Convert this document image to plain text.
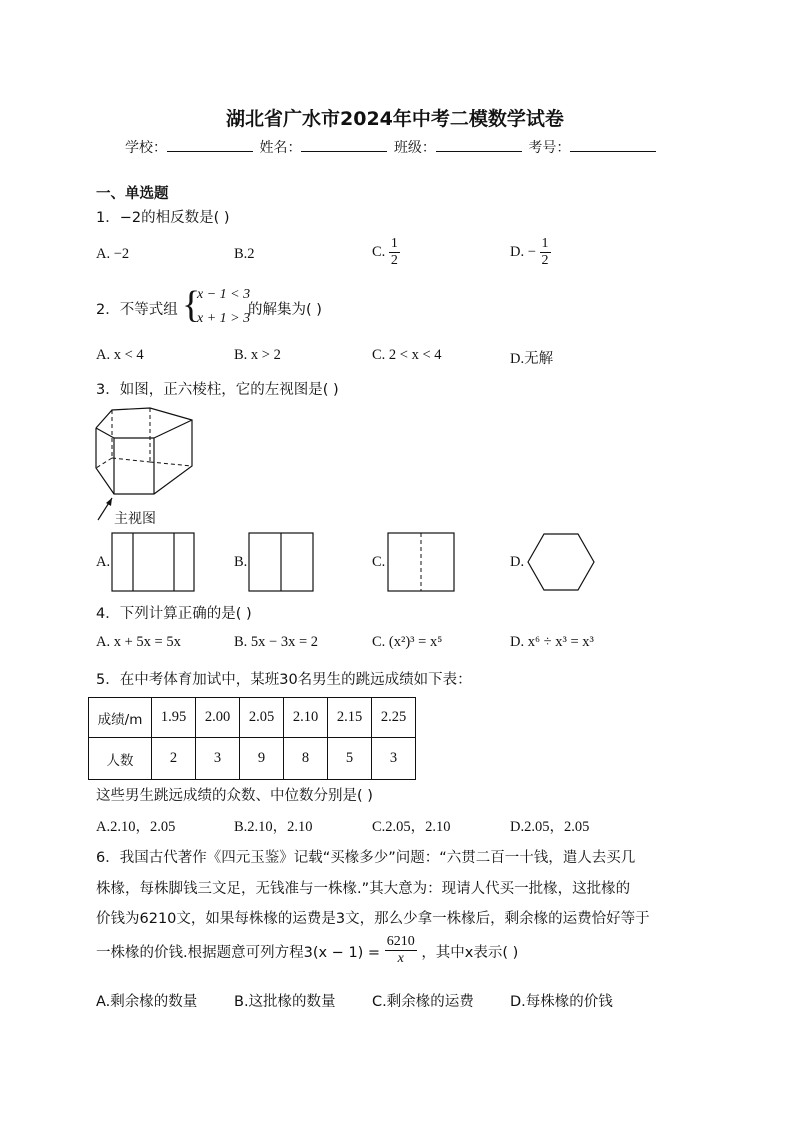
湖北省广水市2024年中考二模数学试卷
学校：	姓名：	班级：	考号：
一、单选题
1．−2的相反数是( )
A. −2	B.2	C. $\frac{1}{2}$	D. − $\frac{1}{2}$
2．不等式组 {
x − 1 < 3
x + 1 > 3
的解集为( )
A. x < 4	B. x > 2	C. 2 < x < 4	D.无解
3．如图，正六棱柱，它的左视图是( )
主视图
A.	B.	C.	D.
4．下列计算正确的是( )
A. x + 5x = 5x	B. 5x − 3x = 2	C. (x²)³ = x⁵	D. x⁶ ÷ x³ = x³
5．在中考体育加试中，某班30名男生的跳远成绩如下表：
成绩/m	1.95	2.00	2.05	2.10	2.15	2.25
人数	2	3	9	8	5	3
这些男生跳远成绩的众数、中位数分别是( )
A.2.10，2.05	B.2.10，2.10	C.2.05，2.10	D.2.05，2.05
6．我国古代著作《四元玉鉴》记载“买椽多少”问题：“六贯二百一十钱，遣人去买几
株椽，每株脚钱三文足，无钱准与一株椽.”其大意为：现请人代买一批椽，这批椽的
价钱为6210文，如果每株椽的运费是3文，那么少拿一株椽后，剩余椽的运费恰好等于
一株椽的价钱.根据题意可列方程$3(x - 1) = \frac{6210}{x}$ ，其中x表示( )
A.剩余椽的数量	B.这批椽的数量	C.剩余椽的运费	D.每株椽的价钱
